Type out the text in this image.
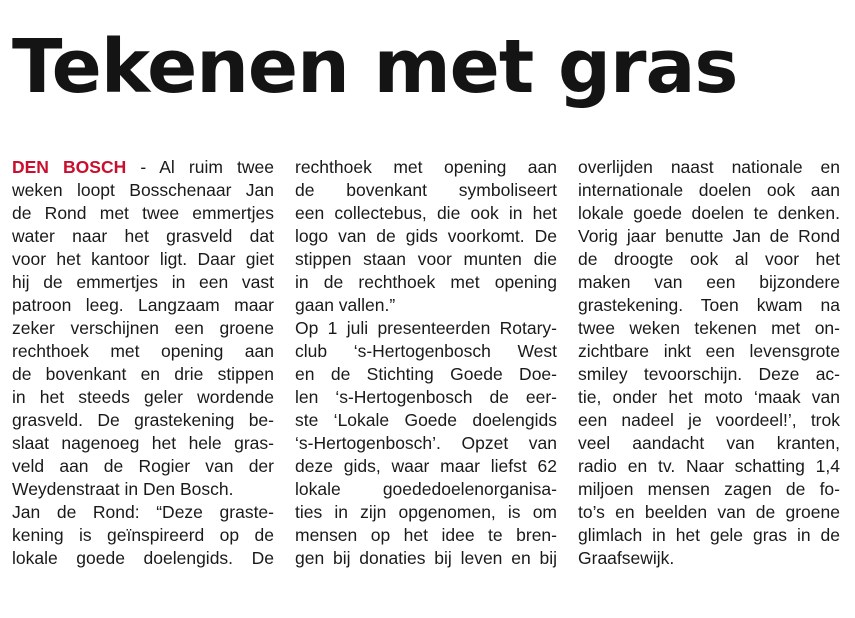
Tekenen met gras
DEN BOSCH - Al ruim twee
weken loopt Bosschenaar Jan
de Rond met twee emmertjes
water naar het grasveld dat
voor het kantoor ligt. Daar giet
hij de emmertjes in een vast
patroon leeg. Langzaam maar
zeker verschijnen een groene
rechthoek met opening aan
de bovenkant en drie stippen
in het steeds geler wordende
grasveld. De grastekening be-
slaat nagenoeg het hele gras-
veld aan de Rogier van der
Weydenstraat in Den Bosch.
Jan de Rond: “Deze graste-
kening is geïnspireerd op de
lokale goede doelengids. De
rechthoek met opening aan
de bovenkant symboliseert
een collectebus, die ook in het
logo van de gids voorkomt. De
stippen staan voor munten die
in de rechthoek met opening
gaan vallen.”
Op 1 juli presenteerden Rotary-
club ‘s-Hertogenbosch West
en de Stichting Goede Doe-
len ‘s-Hertogenbosch de eer-
ste ‘Lokale Goede doelengids
‘s-Hertogenbosch’. Opzet van
deze gids, waar maar liefst 62
lokale goededoelenorganisa-
ties in zijn opgenomen, is om
mensen op het idee te bren-
gen bij donaties bij leven en bij
overlijden naast nationale en
internationale doelen ook aan
lokale goede doelen te denken.
Vorig jaar benutte Jan de Rond
de droogte ook al voor het
maken van een bijzondere
grastekening. Toen kwam na
twee weken tekenen met on-
zichtbare inkt een levensgrote
smiley tevoorschijn. Deze ac-
tie, onder het moto ‘maak van
een nadeel je voordeel!’, trok
veel aandacht van kranten,
radio en tv. Naar schatting 1,4
miljoen mensen zagen de fo-
to’s en beelden van de groene
glimlach in het gele gras in de
Graafsewijk.
